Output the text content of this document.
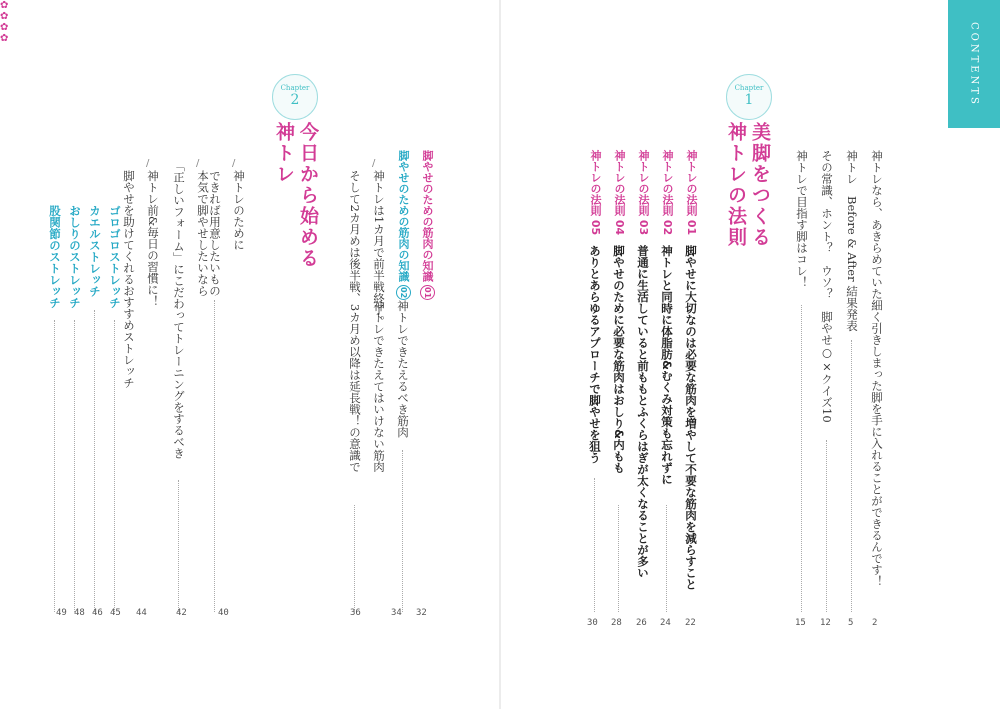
CONTENTS
神トレなら、あきらめていた細く引きしまった脚を手に入れることができるんです！
2
神トレ　Before & After 結果発表
5
その常識、ホント？　ウソ？　脚やせ○×クイズ10
12
神トレで目指す脚はコレ！
15
Chapter
1
美脚をつくる
神トレの法則
神トレの法則 01
脚やせに大切なのは必要な筋肉を増やして不要な筋肉を減らすこと
22
神トレの法則 02
神トレと同時に体脂肪&むくみ対策も忘れずに
24
神トレの法則 03
普通に生活していると前ももとふくらはぎが太くなることが多い
26
神トレの法則 04
脚やせのために必要な筋肉はおしり&内もも
28
神トレの法則 05
ありとあらゆるアプローチで脚やせを狙う
30
脚やせのための筋肉の知識01
神トレできたえるべき筋肉
32
脚やせのための筋肉の知識02
神トレできたえてはいけない筋肉
34
/
神トレは1カ月で前半戦終了。
そして2カ月めは後半戦、3カ月め以降は延長戦！の意識で
36
Chapter
2
今日から始める
神トレ
/
神トレのために
できれば用意したいもの
40
/
本気で脚やせしたいなら
「正しいフォーム」にこだわってトレーニングをするべき
42
/
神トレ前&毎日の習慣に！
脚やせを助けてくれるおすすめストレッチ
44
✿
ゴロゴロストレッチ
45
✿
カエルストレッチ
46
✿
おしりのストレッチ
48
✿
股関節のストレッチ
49
